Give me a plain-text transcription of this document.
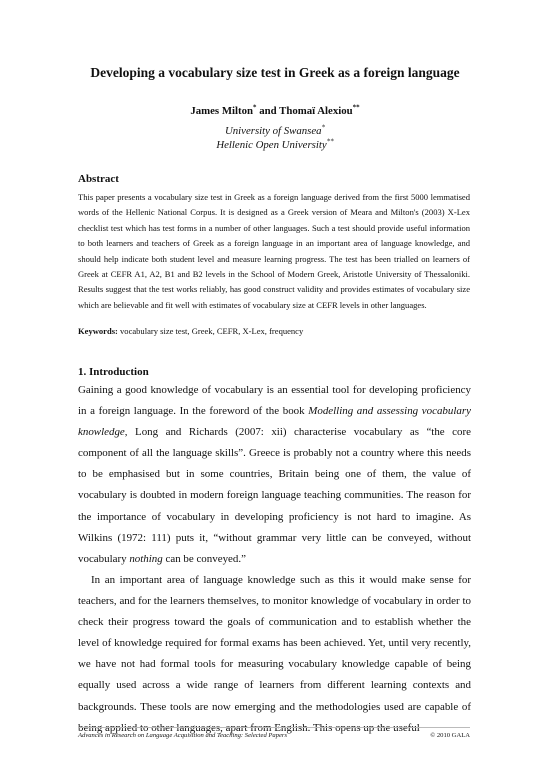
Developing a vocabulary size test in Greek as a foreign language
James Milton* and Thomaï Alexiou**
University of Swansea*
Hellenic Open University**
Abstract
This paper presents a vocabulary size test in Greek as a foreign language derived from the first 5000 lemmatised words of the Hellenic National Corpus. It is designed as a Greek version of Meara and Milton's (2003) X-Lex checklist test which has test forms in a number of other languages. Such a test should provide useful information to both learners and teachers of Greek as a foreign language in an important area of language knowledge, and should help indicate both student level and measure learning progress. The test has been trialled on learners of Greek at CEFR A1, A2, B1 and B2 levels in the School of Modern Greek, Aristotle University of Thessaloniki. Results suggest that the test works reliably, has good construct validity and provides estimates of vocabulary size which are believable and fit well with estimates of vocabulary size at CEFR levels in other languages.
Keywords: vocabulary size test, Greek, CEFR, X-Lex, frequency
1. Introduction
Gaining a good knowledge of vocabulary is an essential tool for developing proficiency in a foreign language. In the foreword of the book Modelling and assessing vocabulary knowledge, Long and Richards (2007: xii) characterise vocabulary as “the core component of all the language skills”. Greece is probably not a country where this needs to be emphasised but in some countries, Britain being one of them, the value of vocabulary is doubted in modern foreign language teaching communities. The reason for the importance of vocabulary in developing proficiency is not hard to imagine. As Wilkins (1972: 111) puts it, “without grammar very little can be conveyed, without vocabulary nothing can be conveyed.”
In an important area of language knowledge such as this it would make sense for teachers, and for the learners themselves, to monitor knowledge of vocabulary in order to check their progress toward the goals of communication and to establish whether the level of knowledge required for formal exams has been achieved. Yet, until very recently, we have not had formal tools for measuring vocabulary knowledge capable of being equally used across a wide range of learners from different learning contexts and backgrounds. These tools are now emerging and the methodologies used are capable of being applied to other languages, apart from English. This opens up the useful
Advances in Research on Language Acquisition and Teaching: Selected Papers	© 2010 GALA
